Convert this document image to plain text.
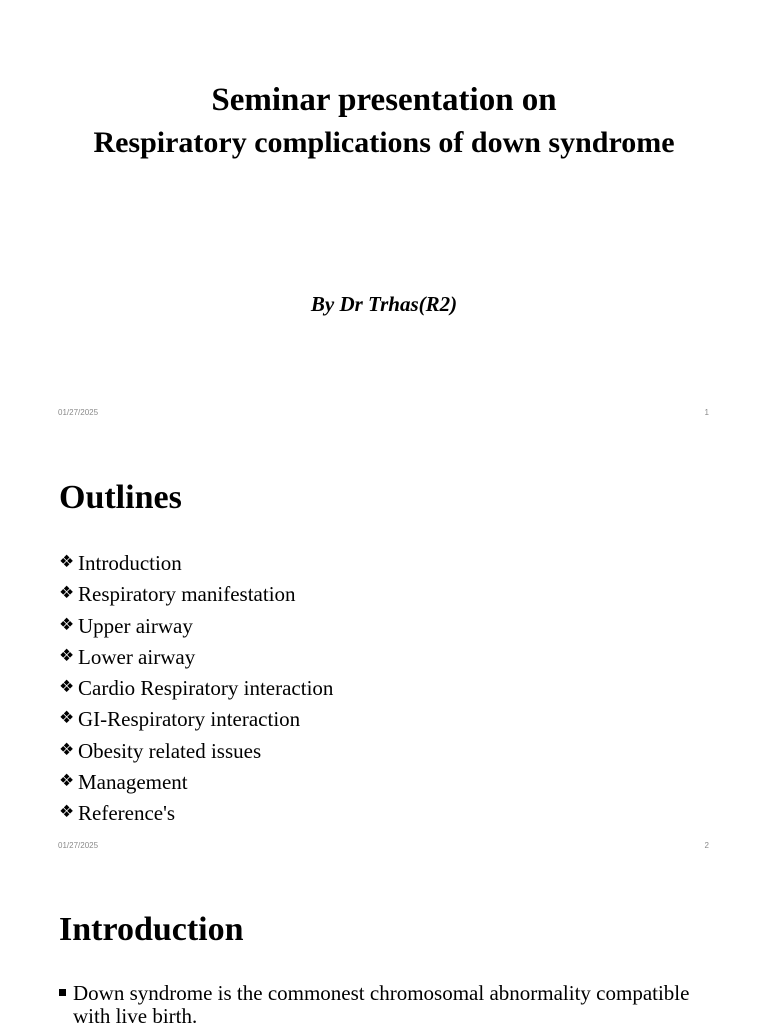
Seminar presentation on
Respiratory complications of down syndrome
By Dr Trhas(R2)
01/27/2025	1
Outlines
❖ Introduction
❖ Respiratory manifestation
❖ Upper airway
❖ Lower airway
❖ Cardio Respiratory interaction
❖ GI-Respiratory interaction
❖ Obesity related issues
❖ Management
❖ Reference's
01/27/2025	2
Introduction
Down syndrome is the commonest chromosomal abnormality compatible with live birth.
